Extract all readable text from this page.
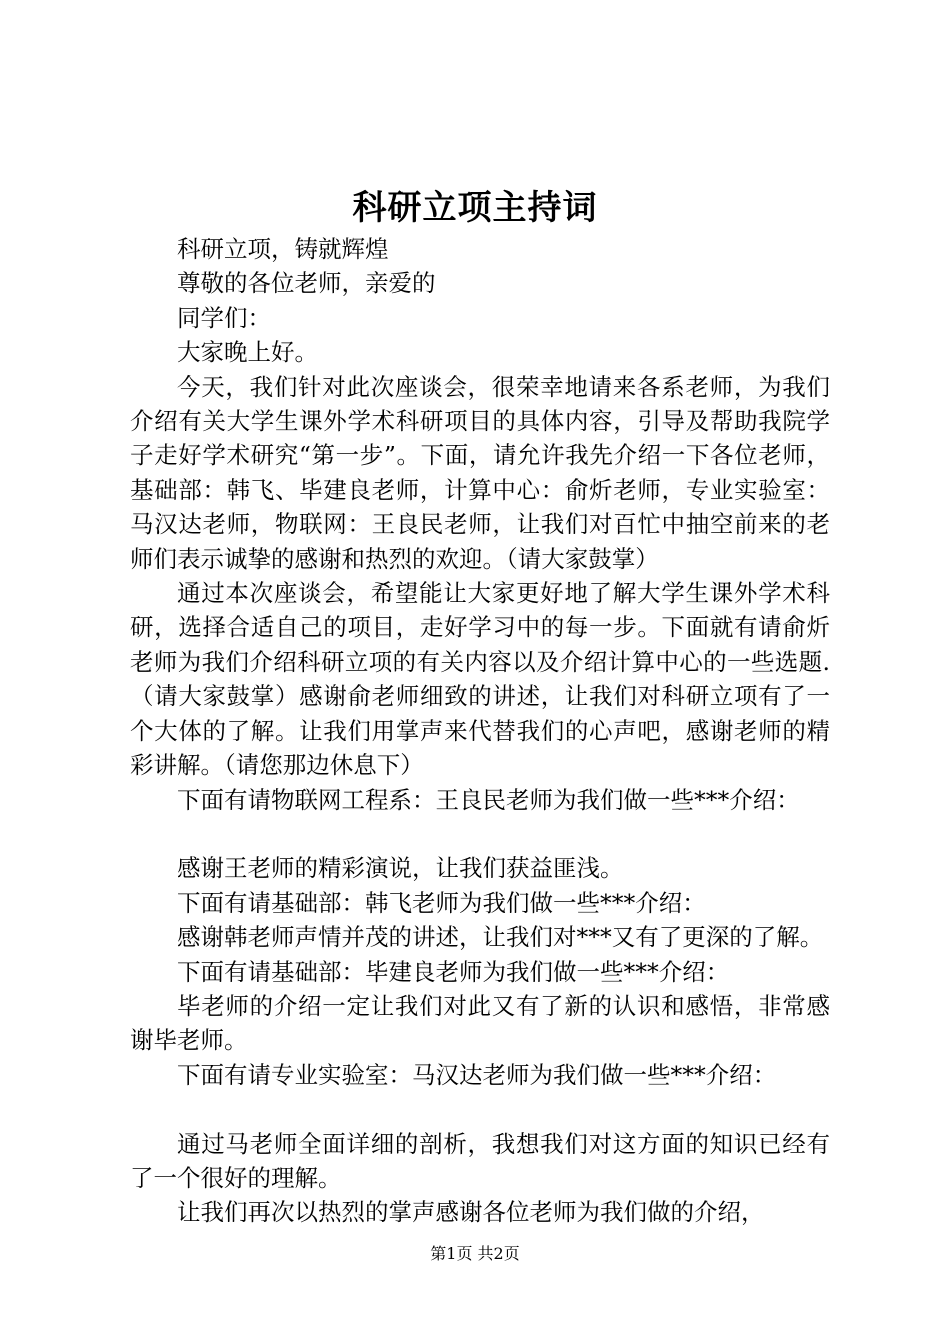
科研立项主持词

科研立项，铸就辉煌

尊敬的各位老师，亲爱的

同学们：

大家晚上好。

今天，我们针对此次座谈会，很荣幸地请来各系老师，为我们介绍有关大学生课外学术科研项目的具体内容，引导及帮助我院学子走好学术研究“第一步”。下面，请允许我先介绍一下各位老师，基础部：韩飞、毕建良老师，计算中心：俞炘老师，专业实验室：马汉达老师，物联网：王良民老师，让我们对百忙中抽空前来的老师们表示诚挚的感谢和热烈的欢迎。（请大家鼓掌）

通过本次座谈会，希望能让大家更好地了解大学生课外学术科研，选择合适自己的项目，走好学习中的每一步。下面就有请俞炘老师为我们介绍科研立项的有关内容以及介绍计算中心的一些选题.（请大家鼓掌）感谢俞老师细致的讲述，让我们对科研立项有了一个大体的了解。让我们用掌声来代替我们的心声吧，感谢老师的精彩讲解。（请您那边休息下）

下面有请物联网工程系：王良民老师为我们做一些***介绍：

感谢王老师的精彩演说，让我们获益匪浅。

下面有请基础部：韩飞老师为我们做一些***介绍：

感谢韩老师声情并茂的讲述，让我们对***又有了更深的了解。

下面有请基础部：毕建良老师为我们做一些***介绍：

毕老师的介绍一定让我们对此又有了新的认识和感悟，非常感谢毕老师。

下面有请专业实验室：马汉达老师为我们做一些***介绍：

通过马老师全面详细的剖析，我想我们对这方面的知识已经有了一个很好的理解。

让我们再次以热烈的掌声感谢各位老师为我们做的介绍，

第1页 共2页
